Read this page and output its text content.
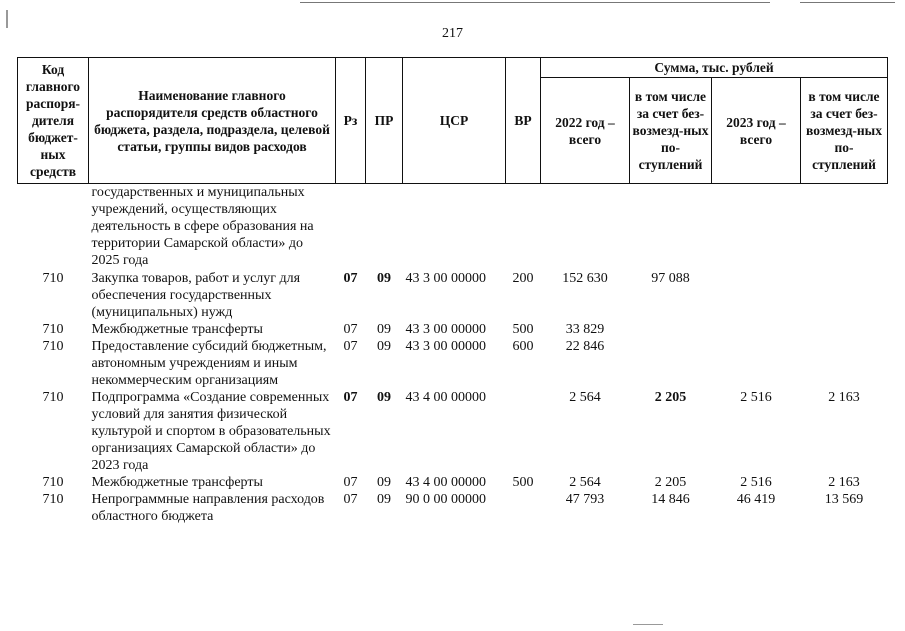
217
Код главного распоря-дителя бюджет-ных средств	Наименование главного распорядителя средств областного бюджета, раздела, подраздела, целевой статьи, группы видов расходов	Рз	ПР	ЦСР	ВР	Сумма, тыс. рублей			
						2022 год – всего	в том числе за счет без-возмезд-ных по-ступлений	2023 год – всего	в том числе за счет без-возмезд-ных по-ступлений
	государственных и муниципальных учреждений, осуществляющих деятельность в сфере образования на территории Самарской области» до 2025 года								
710	Закупка товаров, работ и услуг для обеспечения государственных (муниципальных) нужд	07	09	43 3 00 00000	200	152 630	97 088		
710	Межбюджетные трансферты	07	09	43 3 00 00000	500	33 829			
710	Предоставление субсидий бюджетным, автономным учреждениям и иным некоммерческим организациям	07	09	43 3 00 00000	600	22 846			
710	Подпрограмма «Создание современных условий для занятия физической культурой и спортом в образовательных организациях Самарской области» до 2023 года	07	09	43 4 00 00000		2 564	2 205	2 516	2 163
710	Межбюджетные трансферты	07	09	43 4 00 00000	500	2 564	2 205	2 516	2 163
710	Непрограммные направления расходов областного бюджета	07	09	90 0 00 00000		47 793	14 846	46 419	13 569
